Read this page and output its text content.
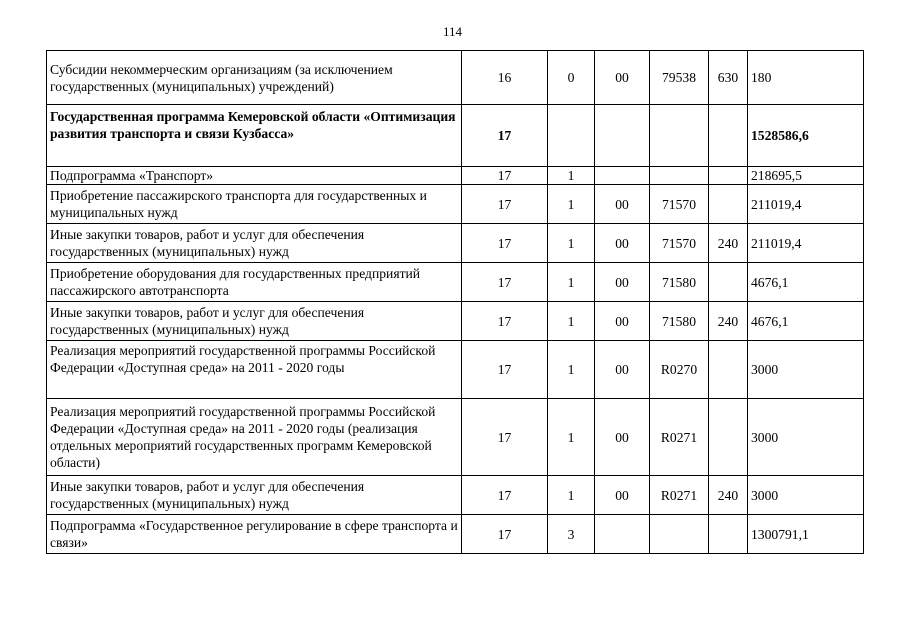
114
Субсидии некоммерческим организациям (за исключением государственных (муниципальных) учреждений)	16	0	00	79538	630	180
Государственная программа Кемеровской области «Оптимизация развития транспорта и связи Кузбасса»	17					1528586,6
Подпрограмма «Транспорт»	17	1				218695,5
Приобретение пассажирского транспорта для государственных и муниципальных нужд	17	1	00	71570		211019,4
Иные закупки товаров, работ и услуг для обеспечения государственных (муниципальных) нужд	17	1	00	71570	240	211019,4
Приобретение оборудования для государственных предприятий пассажирского автотранспорта	17	1	00	71580		4676,1
Иные закупки товаров, работ и услуг для обеспечения государственных (муниципальных) нужд	17	1	00	71580	240	4676,1
Реализация мероприятий государственной программы Российской Федерации «Доступная среда» на 2011 - 2020 годы	17	1	00	R0270		3000
Реализация мероприятий государственной программы Российской Федерации «Доступная среда» на 2011 - 2020 годы (реализация отдельных мероприятий государственных программ Кемеровской области)	17	1	00	R0271		3000
Иные закупки товаров, работ и услуг для обеспечения государственных (муниципальных) нужд	17	1	00	R0271	240	3000
Подпрограмма «Государственное регулирование в сфере транспорта и связи»	17	3				1300791,1
